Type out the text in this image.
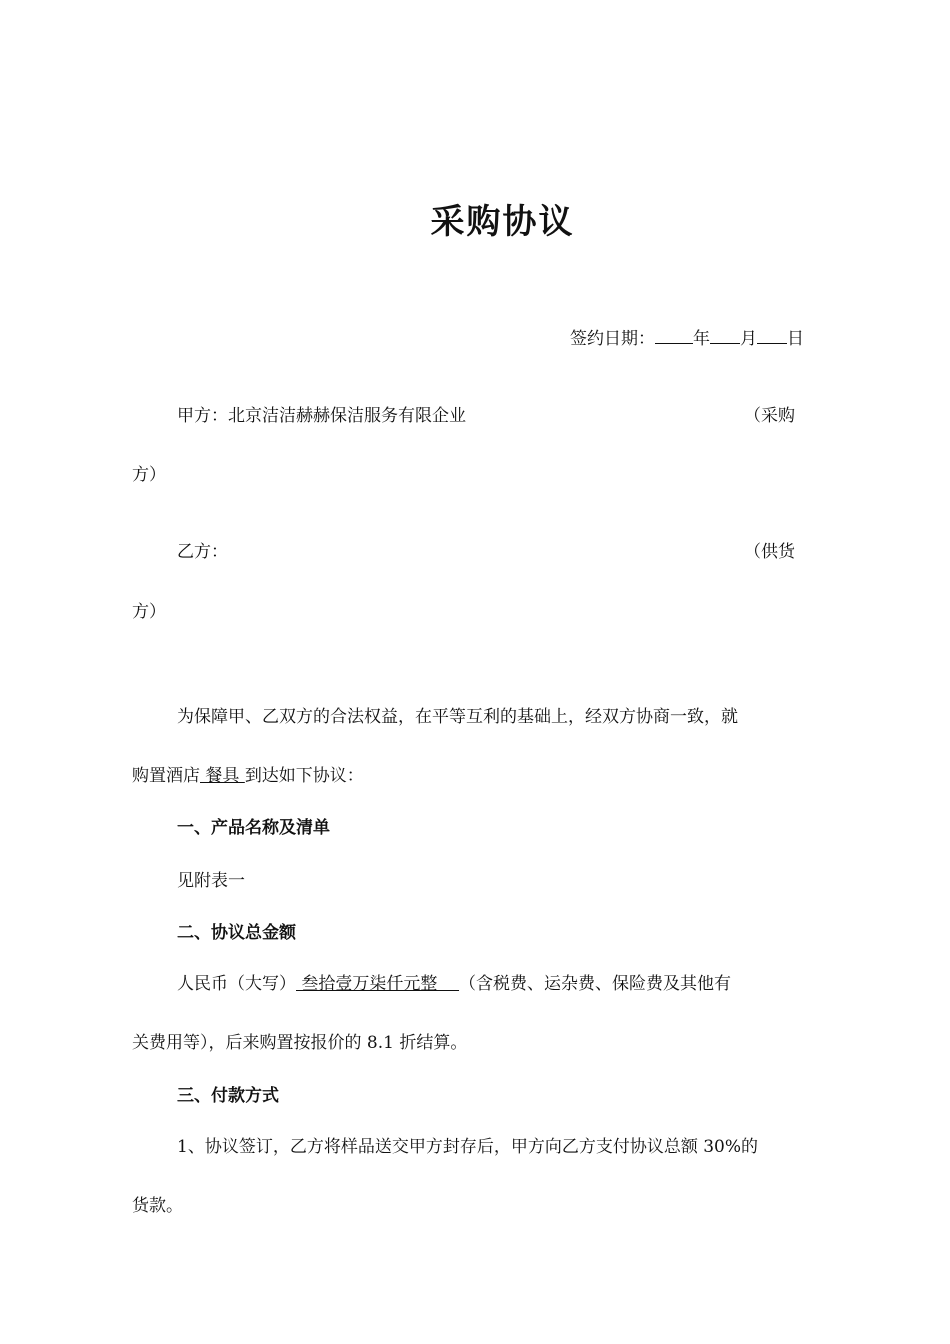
采购协议
签约日期： 年 月 日
甲方：北京洁洁赫赫保洁服务有限企业	（采购
方）
乙方：	（供货
方）
为保障甲、乙双方的合法权益，在平等互利的基础上，经双方协商一致，就
购置酒店 餐具 到达如下协议：
一、产品名称及清单
见附表一
二、协议总金额
人民币（大写） 叁拾壹万柒仟元整    （含税费、运杂费、保险费及其他有
关费用等），后来购置按报价的 8.1 折结算。
三、付款方式
1、协议签订，乙方将样品送交甲方封存后，甲方向乙方支付协议总额 30%的
货款。
